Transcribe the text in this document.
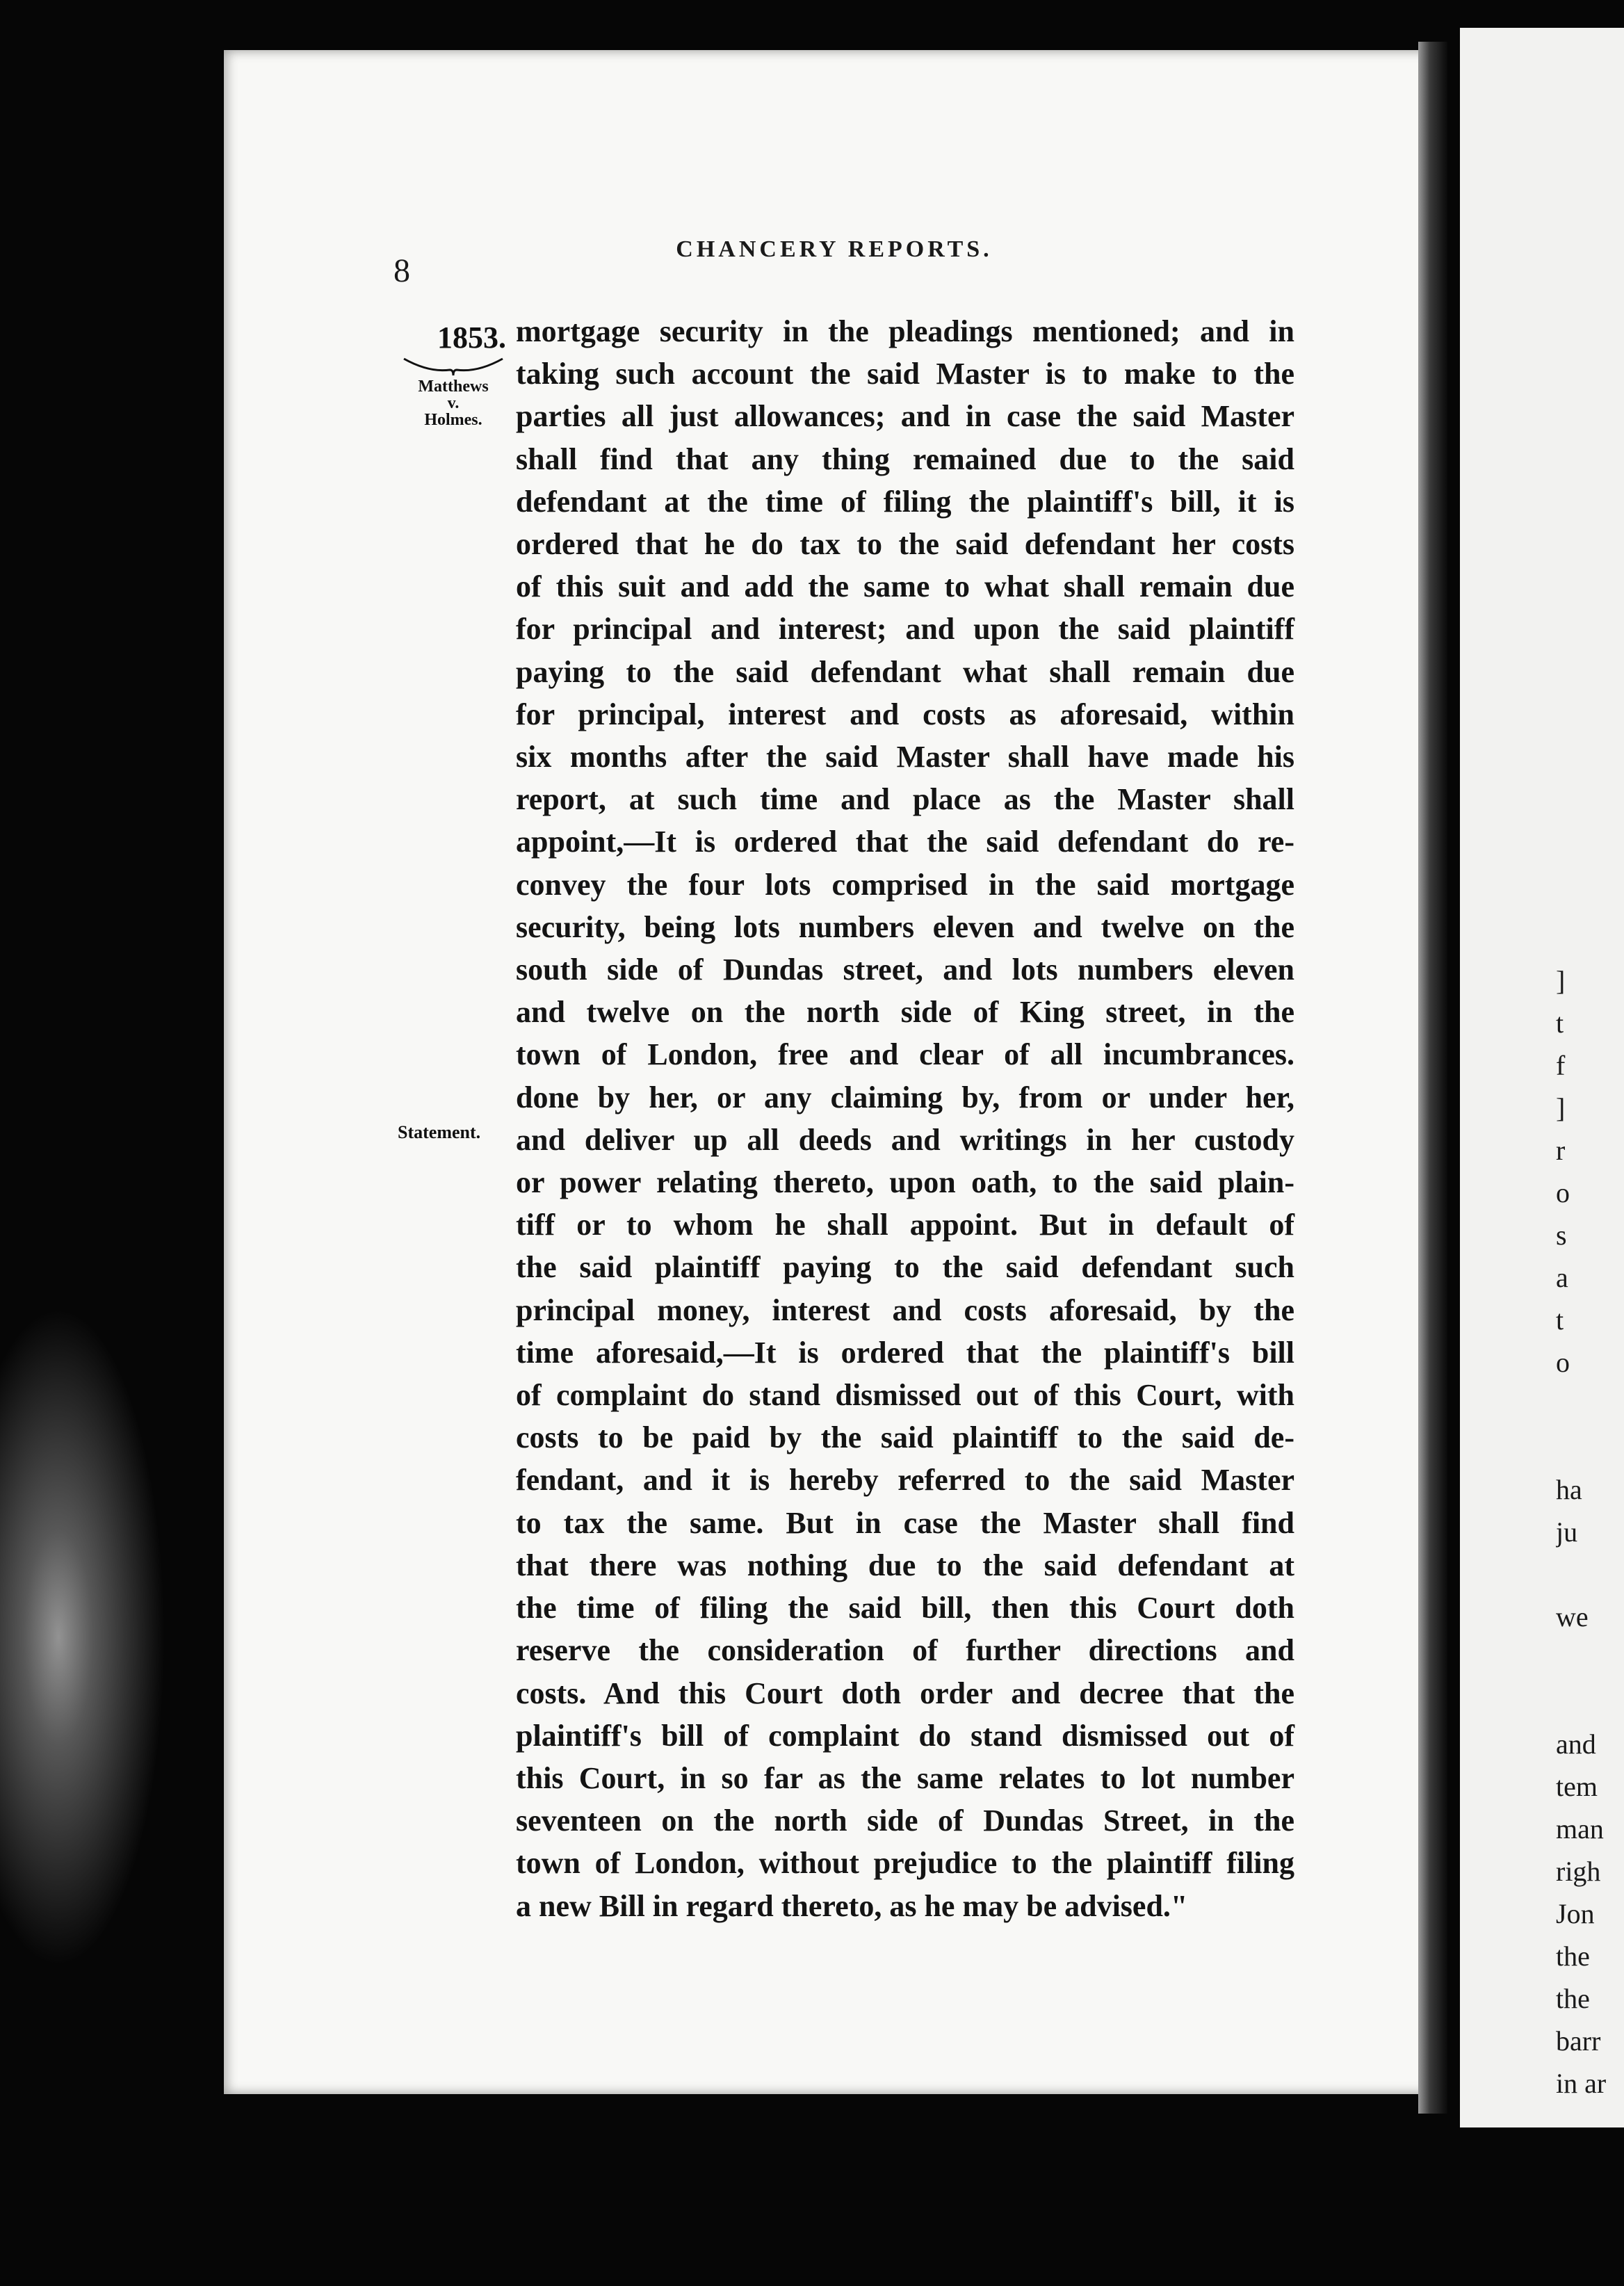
8
CHANCERY REPORTS.
1853.
Matthews
v.
Holmes.
Statement.
mortgage security in the pleadings mentioned; and in
taking such account the said Master is to make to the
parties all just allowances; and in case the said Master
shall find that any thing remained due to the said
defendant at the time of filing the plaintiff's bill, it is
ordered that he do tax to the said defendant her costs
of this suit and add the same to what shall remain due
for principal and interest; and upon the said plaintiff
paying to the said defendant what shall remain due
for principal, interest and costs as aforesaid, within
six months after the said Master shall have made his
report, at such time and place as the Master shall
appoint,—It is ordered that the said defendant do re-
convey the four lots comprised in the said mortgage
security, being lots numbers eleven and twelve on the
south side of Dundas street, and lots numbers eleven
and twelve on the north side of King street, in the
town of London, free and clear of all incumbrances.
done by her, or any claiming by, from or under her,
and deliver up all deeds and writings in her custody
or power relating thereto, upon oath, to the said plain-
tiff or to whom he shall appoint. But in default of
the said plaintiff paying to the said defendant such
principal money, interest and costs aforesaid, by the
time aforesaid,—It is ordered that the plaintiff's bill
of complaint do stand dismissed out of this Court, with
costs to be paid by the said plaintiff to the said de-
fendant, and it is hereby referred to the said Master
to tax the same. But in case the Master shall find
that there was nothing due to the said defendant at
the time of filing the said bill, then this Court doth
reserve the consideration of further directions and
costs. And this Court doth order and decree that the
plaintiff's bill of complaint do stand dismissed out of
this Court, in so far as the same relates to lot number
seventeen on the north side of Dundas Street, in the
town of London, without prejudice to the plaintiff filing
a new Bill in regard thereto, as he may be advised."
]
t
f
]
r
o
s
a
t
o

ha
ju

we

and
tem
man
righ
Jon
the
the
barr
in ar
